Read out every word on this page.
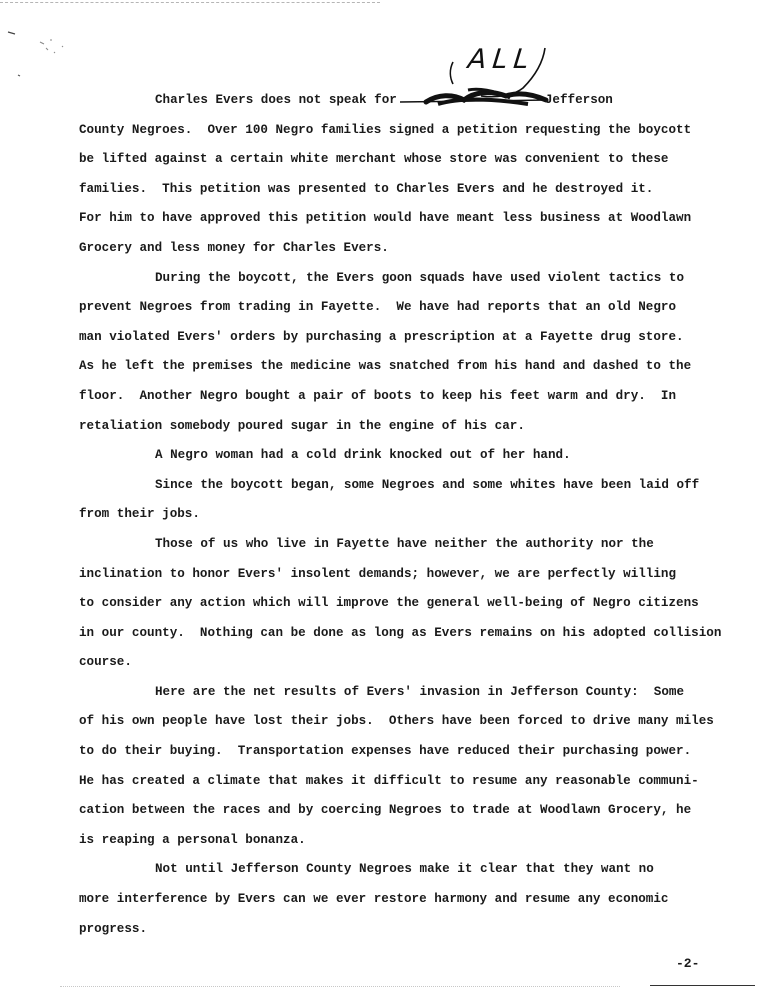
ALL
Charles Evers does not speak for	Jefferson
County Negroes.  Over 100 Negro families signed a petition requesting the boycott
be lifted against a certain white merchant whose store was convenient to these
families.  This petition was presented to Charles Evers and he destroyed it.
For him to have approved this petition would have meant less business at Woodlawn
Grocery and less money for Charles Evers.
During the boycott, the Evers goon squads have used violent tactics to
prevent Negroes from trading in Fayette.  We have had reports that an old Negro
man violated Evers' orders by purchasing a prescription at a Fayette drug store.
As he left the premises the medicine was snatched from his hand and dashed to the
floor.  Another Negro bought a pair of boots to keep his feet warm and dry.  In
retaliation somebody poured sugar in the engine of his car.
A Negro woman had a cold drink knocked out of her hand.
Since the boycott began, some Negroes and some whites have been laid off
from their jobs.
Those of us who live in Fayette have neither the authority nor the
inclination to honor Evers' insolent demands; however, we are perfectly willing
to consider any action which will improve the general well-being of Negro citizens
in our county.  Nothing can be done as long as Evers remains on his adopted collision
course.
Here are the net results of Evers' invasion in Jefferson County:  Some
of his own people have lost their jobs.  Others have been forced to drive many miles
to do their buying.  Transportation expenses have reduced their purchasing power.
He has created a climate that makes it difficult to resume any reasonable communi-
cation between the races and by coercing Negroes to trade at Woodlawn Grocery, he
is reaping a personal bonanza.
Not until Jefferson County Negroes make it clear that they want no
more interference by Evers can we ever restore harmony and resume any economic
progress.
-2-
